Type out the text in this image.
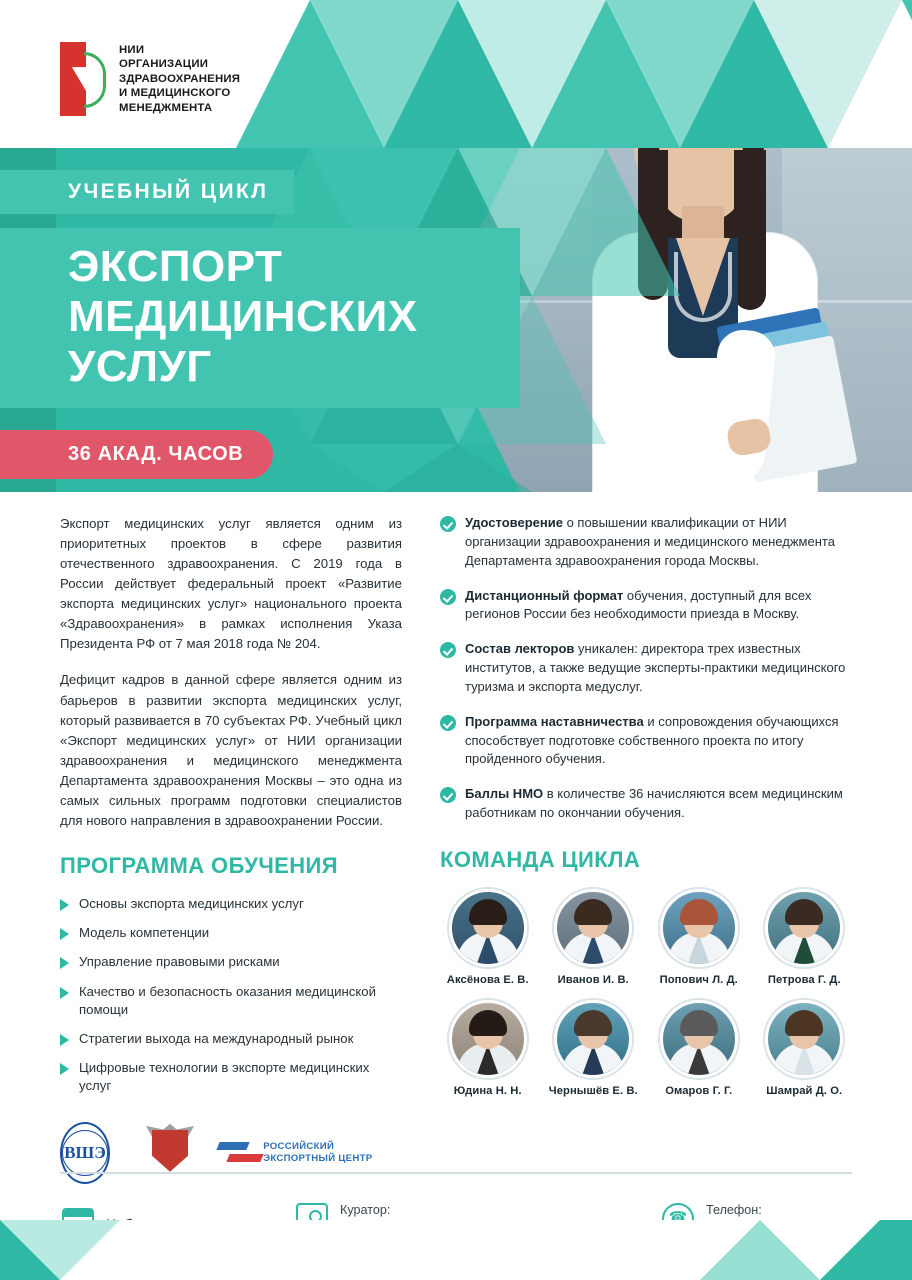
НИИ
ОРГАНИЗАЦИИ
ЗДРАВООХРАНЕНИЯ
И МЕДИЦИНСКОГО
МЕНЕДЖМЕНТА
УЧЕБНЫЙ ЦИКЛ
ЭКСПОРТ МЕДИЦИНСКИХ УСЛУГ
36 АКАД. ЧАСОВ

Экспорт медицинских услуг является одним из приоритетных проектов в сфере развития отечественного здравоохранения. С 2019 года в России действует федеральный проект «Развитие экспорта медицинских услуг» национального проекта «Здравоохранения» в рамках исполнения Указа Президента РФ от 7 мая 2018 года № 204.

Дефицит кадров в данной сфере является одним из барьеров в развитии экспорта медицинских услуг, который развивается в 70 субъектах РФ. Учебный цикл «Экспорт медицинских услуг» от НИИ организации здравоохранения и медицинского менеджмента Департамента здравоохранения Москвы – это одна из самых сильных программ подготовки специалистов для нового направления в здравоохранении России.

ПРОГРАММА ОБУЧЕНИЯ
Основы экспорта медицинских услуг
Модель компетенции
Управление правовыми рисками
Качество и безопасность оказания медицинской помощи
Стратегии выхода на международный рынок
Цифровые технологии в экспорте медицинских услуг
ВШЭ	РОССИЙСКИЙ ЭКСПОРТНЫЙ ЦЕНТР
Удостоверение о повышении квалификации от НИИ организации здравоохранения и медицинского менеджмента Департамента здравоохранения города Москвы.
Дистанционный формат обучения, доступный для всех регионов России без необходимости приезда в Москву.
Состав лекторов уникален: директора трех известных институтов, а также ведущие эксперты-практики медицинского туризма и экспорта медуслуг.
Программа наставничества и сопровождения обучающихся способствует подготовке собственного проекта по итогу пройденного обучения.
Баллы НМО в количестве 36 начисляются всем медицинским работникам по окончании обучения.
КОМАНДА ЦИКЛА
Аксёнова Е. В.	Иванов И. В.	Попович Л. Д.	Петрова Г. Д.
Юдина Н. Н.	Чернышёв Е. В.	Омаров Г. Г.	Шамрай Д. О.
Куратор: ☎	Телефон:
